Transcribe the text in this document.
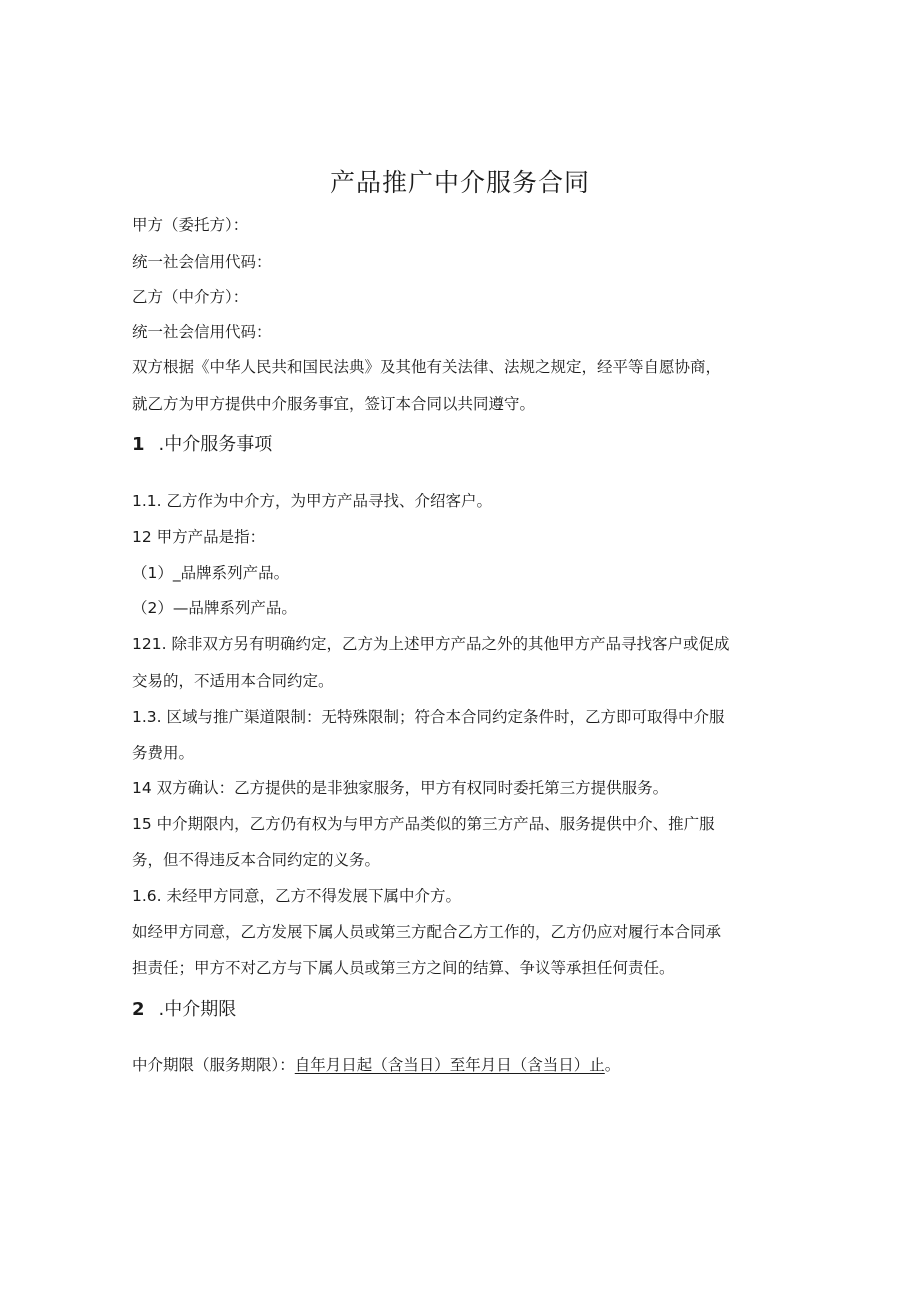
产品推广中介服务合同
甲方（委托方）：
统一社会信用代码：
乙方（中介方）：
统一社会信用代码：
双方根据《中华人民共和国民法典》及其他有关法律、法规之规定，经平等自愿协商，
就乙方为甲方提供中介服务事宜，签订本合同以共同遵守。
1 .中介服务事项
1.1. 乙方作为中介方，为甲方产品寻找、介绍客户。
12 甲方产品是指：
（1）_品牌系列产品。
（2）—品牌系列产品。
121. 除非双方另有明确约定，乙方为上述甲方产品之外的其他甲方产品寻找客户或促成
交易的，不适用本合同约定。
1.3. 区域与推广渠道限制：无特殊限制；符合本合同约定条件时，乙方即可取得中介服
务费用。
14 双方确认：乙方提供的是非独家服务，甲方有权同时委托第三方提供服务。
15 中介期限内，乙方仍有权为与甲方产品类似的第三方产品、服务提供中介、推广服
务，但不得违反本合同约定的义务。
1.6. 未经甲方同意，乙方不得发展下属中介方。
如经甲方同意，乙方发展下属人员或第三方配合乙方工作的，乙方仍应对履行本合同承
担责任；甲方不对乙方与下属人员或第三方之间的结算、争议等承担任何责任。
2 .中介期限
中介期限（服务期限）：自年月日起（含当日）至年月日（含当日）止。
